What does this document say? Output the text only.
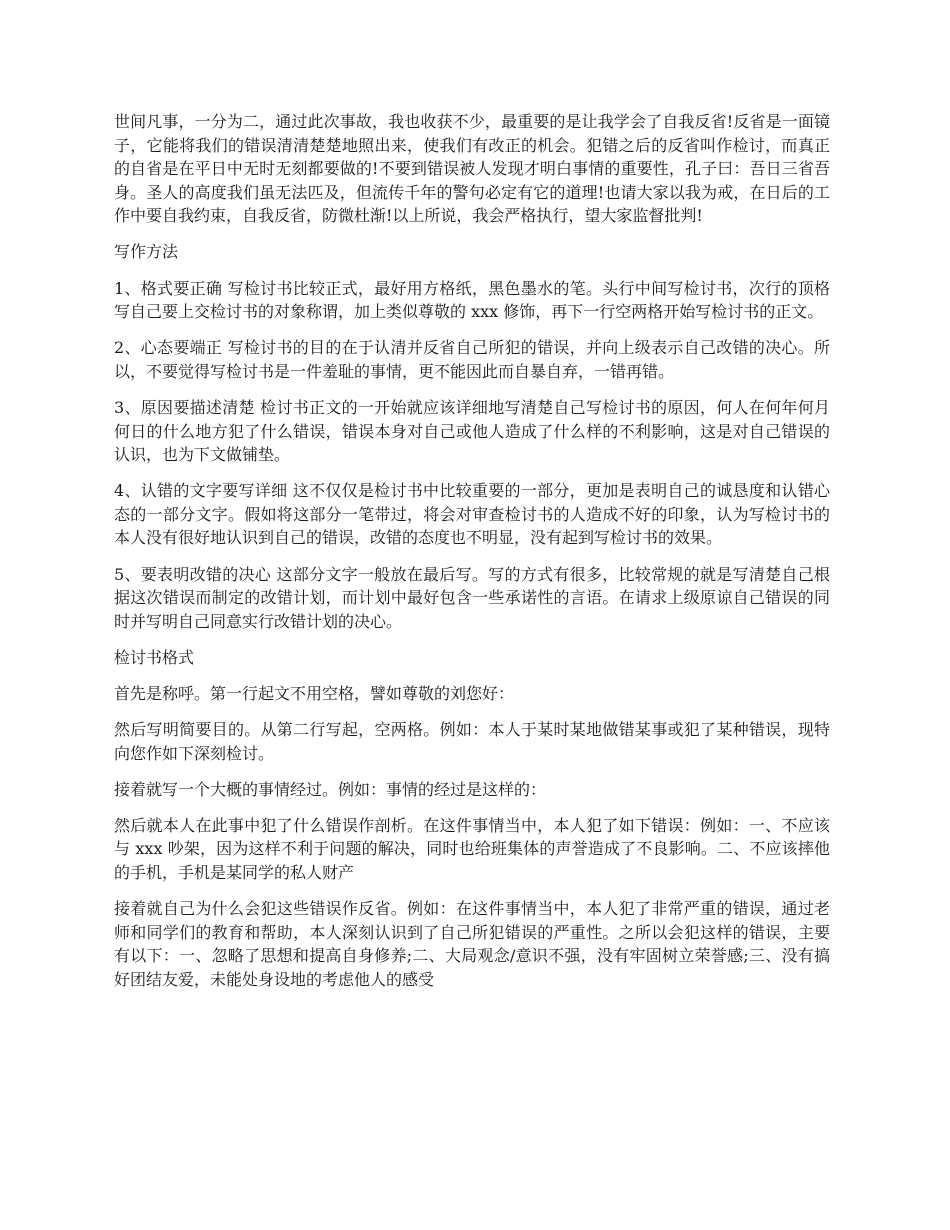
世间凡事，一分为二，通过此次事故，我也收获不少，最重要的是让我学会了自我反省!反省是一面镜子，它能将我们的错误清清楚楚地照出来，使我们有改正的机会。犯错之后的反省叫作检讨，而真正的自省是在平日中无时无刻都要做的!不要到错误被人发现才明白事情的重要性，孔子曰：吾日三省吾身。圣人的高度我们虽无法匹及，但流传千年的警句必定有它的道理!也请大家以我为戒，在日后的工作中要自我约束，自我反省，防微杜渐!以上所说，我会严格执行，望大家监督批判!

写作方法

1、格式要正确 写检讨书比较正式，最好用方格纸，黑色墨水的笔。头行中间写检讨书，次行的顶格写自己要上交检讨书的对象称谓，加上类似尊敬的 xxx 修饰，再下一行空两格开始写检讨书的正文。

2、心态要端正 写检讨书的目的在于认清并反省自己所犯的错误，并向上级表示自己改错的决心。所以，不要觉得写检讨书是一件羞耻的事情，更不能因此而自暴自弃，一错再错。

3、原因要描述清楚 检讨书正文的一开始就应该详细地写清楚自己写检讨书的原因，何人在何年何月何日的什么地方犯了什么错误，错误本身对自己或他人造成了什么样的不利影响，这是对自己错误的认识，也为下文做铺垫。

4、认错的文字要写详细 这不仅仅是检讨书中比较重要的一部分，更加是表明自己的诚恳度和认错心态的一部分文字。假如将这部分一笔带过，将会对审查检讨书的人造成不好的印象，认为写检讨书的本人没有很好地认识到自己的错误，改错的态度也不明显，没有起到写检讨书的效果。

5、要表明改错的决心 这部分文字一般放在最后写。写的方式有很多，比较常规的就是写清楚自己根据这次错误而制定的改错计划，而计划中最好包含一些承诺性的言语。在请求上级原谅自己错误的同时并写明自己同意实行改错计划的决心。

检讨书格式

首先是称呼。第一行起文不用空格，譬如尊敬的刘您好：

然后写明简要目的。从第二行写起，空两格。例如：本人于某时某地做错某事或犯了某种错误，现特向您作如下深刻检讨。

接着就写一个大概的事情经过。例如：事情的经过是这样的：

然后就本人在此事中犯了什么错误作剖析。在这件事情当中，本人犯了如下错误：例如：一、不应该与 xxx 吵架，因为这样不利于问题的解决，同时也给班集体的声誉造成了不良影响。二、不应该摔他的手机，手机是某同学的私人财产

接着就自己为什么会犯这些错误作反省。例如：在这件事情当中，本人犯了非常严重的错误，通过老师和同学们的教育和帮助，本人深刻认识到了自己所犯错误的严重性。之所以会犯这样的错误，主要有以下：一、忽略了思想和提高自身修养;二、大局观念/意识不强，没有牢固树立荣誉感;三、没有搞好团结友爱，未能处身设地的考虑他人的感受
